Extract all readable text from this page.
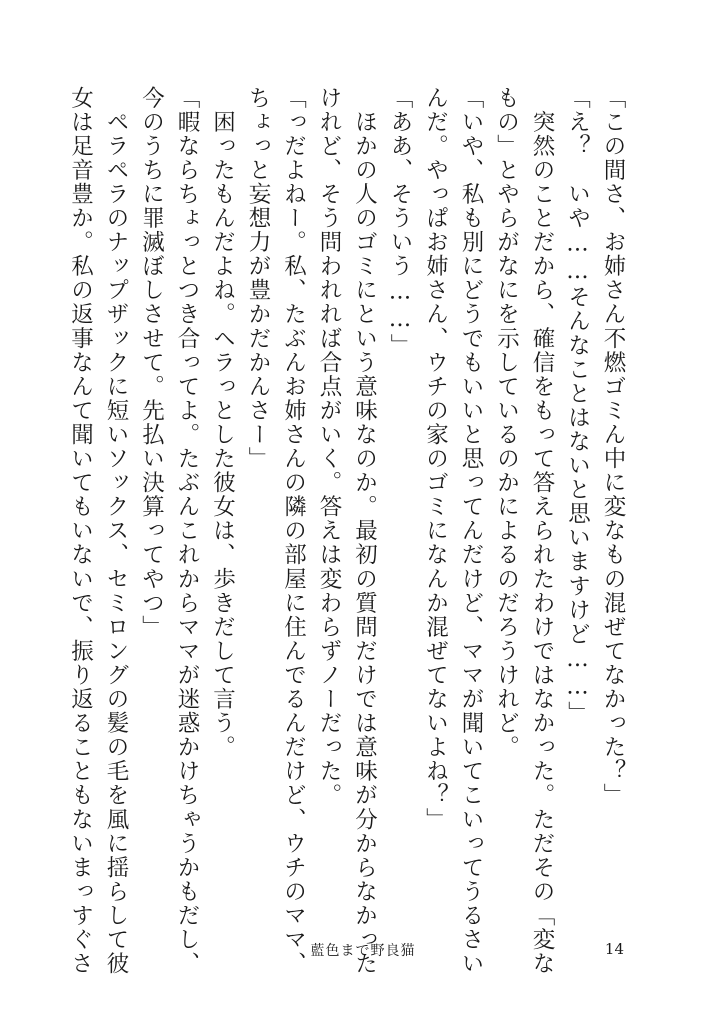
「この間さ、お姉さん不燃ゴミん中に変なもの混ぜてなかった？」
「え？　いや……そんなことはないと思いますけど……」
　突然のことだから、確信をもって答えられたわけではなかった。ただその「変な
もの」とやらがなにを示しているのかによるのだろうけれど。
「いや、私も別にどうでもいいと思ってんだけど、ママが聞いてこいってうるさい
んだ。やっぱお姉さん、ウチの家のゴミになんか混ぜてないよね？」
「ああ、そういう……」
　ほかの人のゴミにという意味なのか。最初の質問だけでは意味が分からなかった
けれど、そう問われれば合点がいく。答えは変わらずノーだった。
「っだよねー。私、たぶんお姉さんの隣の部屋に住んでるんだけど、ウチのママ、
ちょっと妄想力が豊かだかんさー」
　困ったもんだよね。ヘラっとした彼女は、歩きだして言う。
「暇ならちょっとつき合ってよ。たぶんこれからママが迷惑かけちゃうかもだし、
今のうちに罪滅ぼしさせて。先払い決算ってやつ」
　ペラペラのナップザックに短いソックス、セミロングの髪の毛を風に揺らして彼
女は足音豊か。私の返事なんて聞いてもいないで、振り返ることもないまっすぐさ	藍色まで野良猫	14
